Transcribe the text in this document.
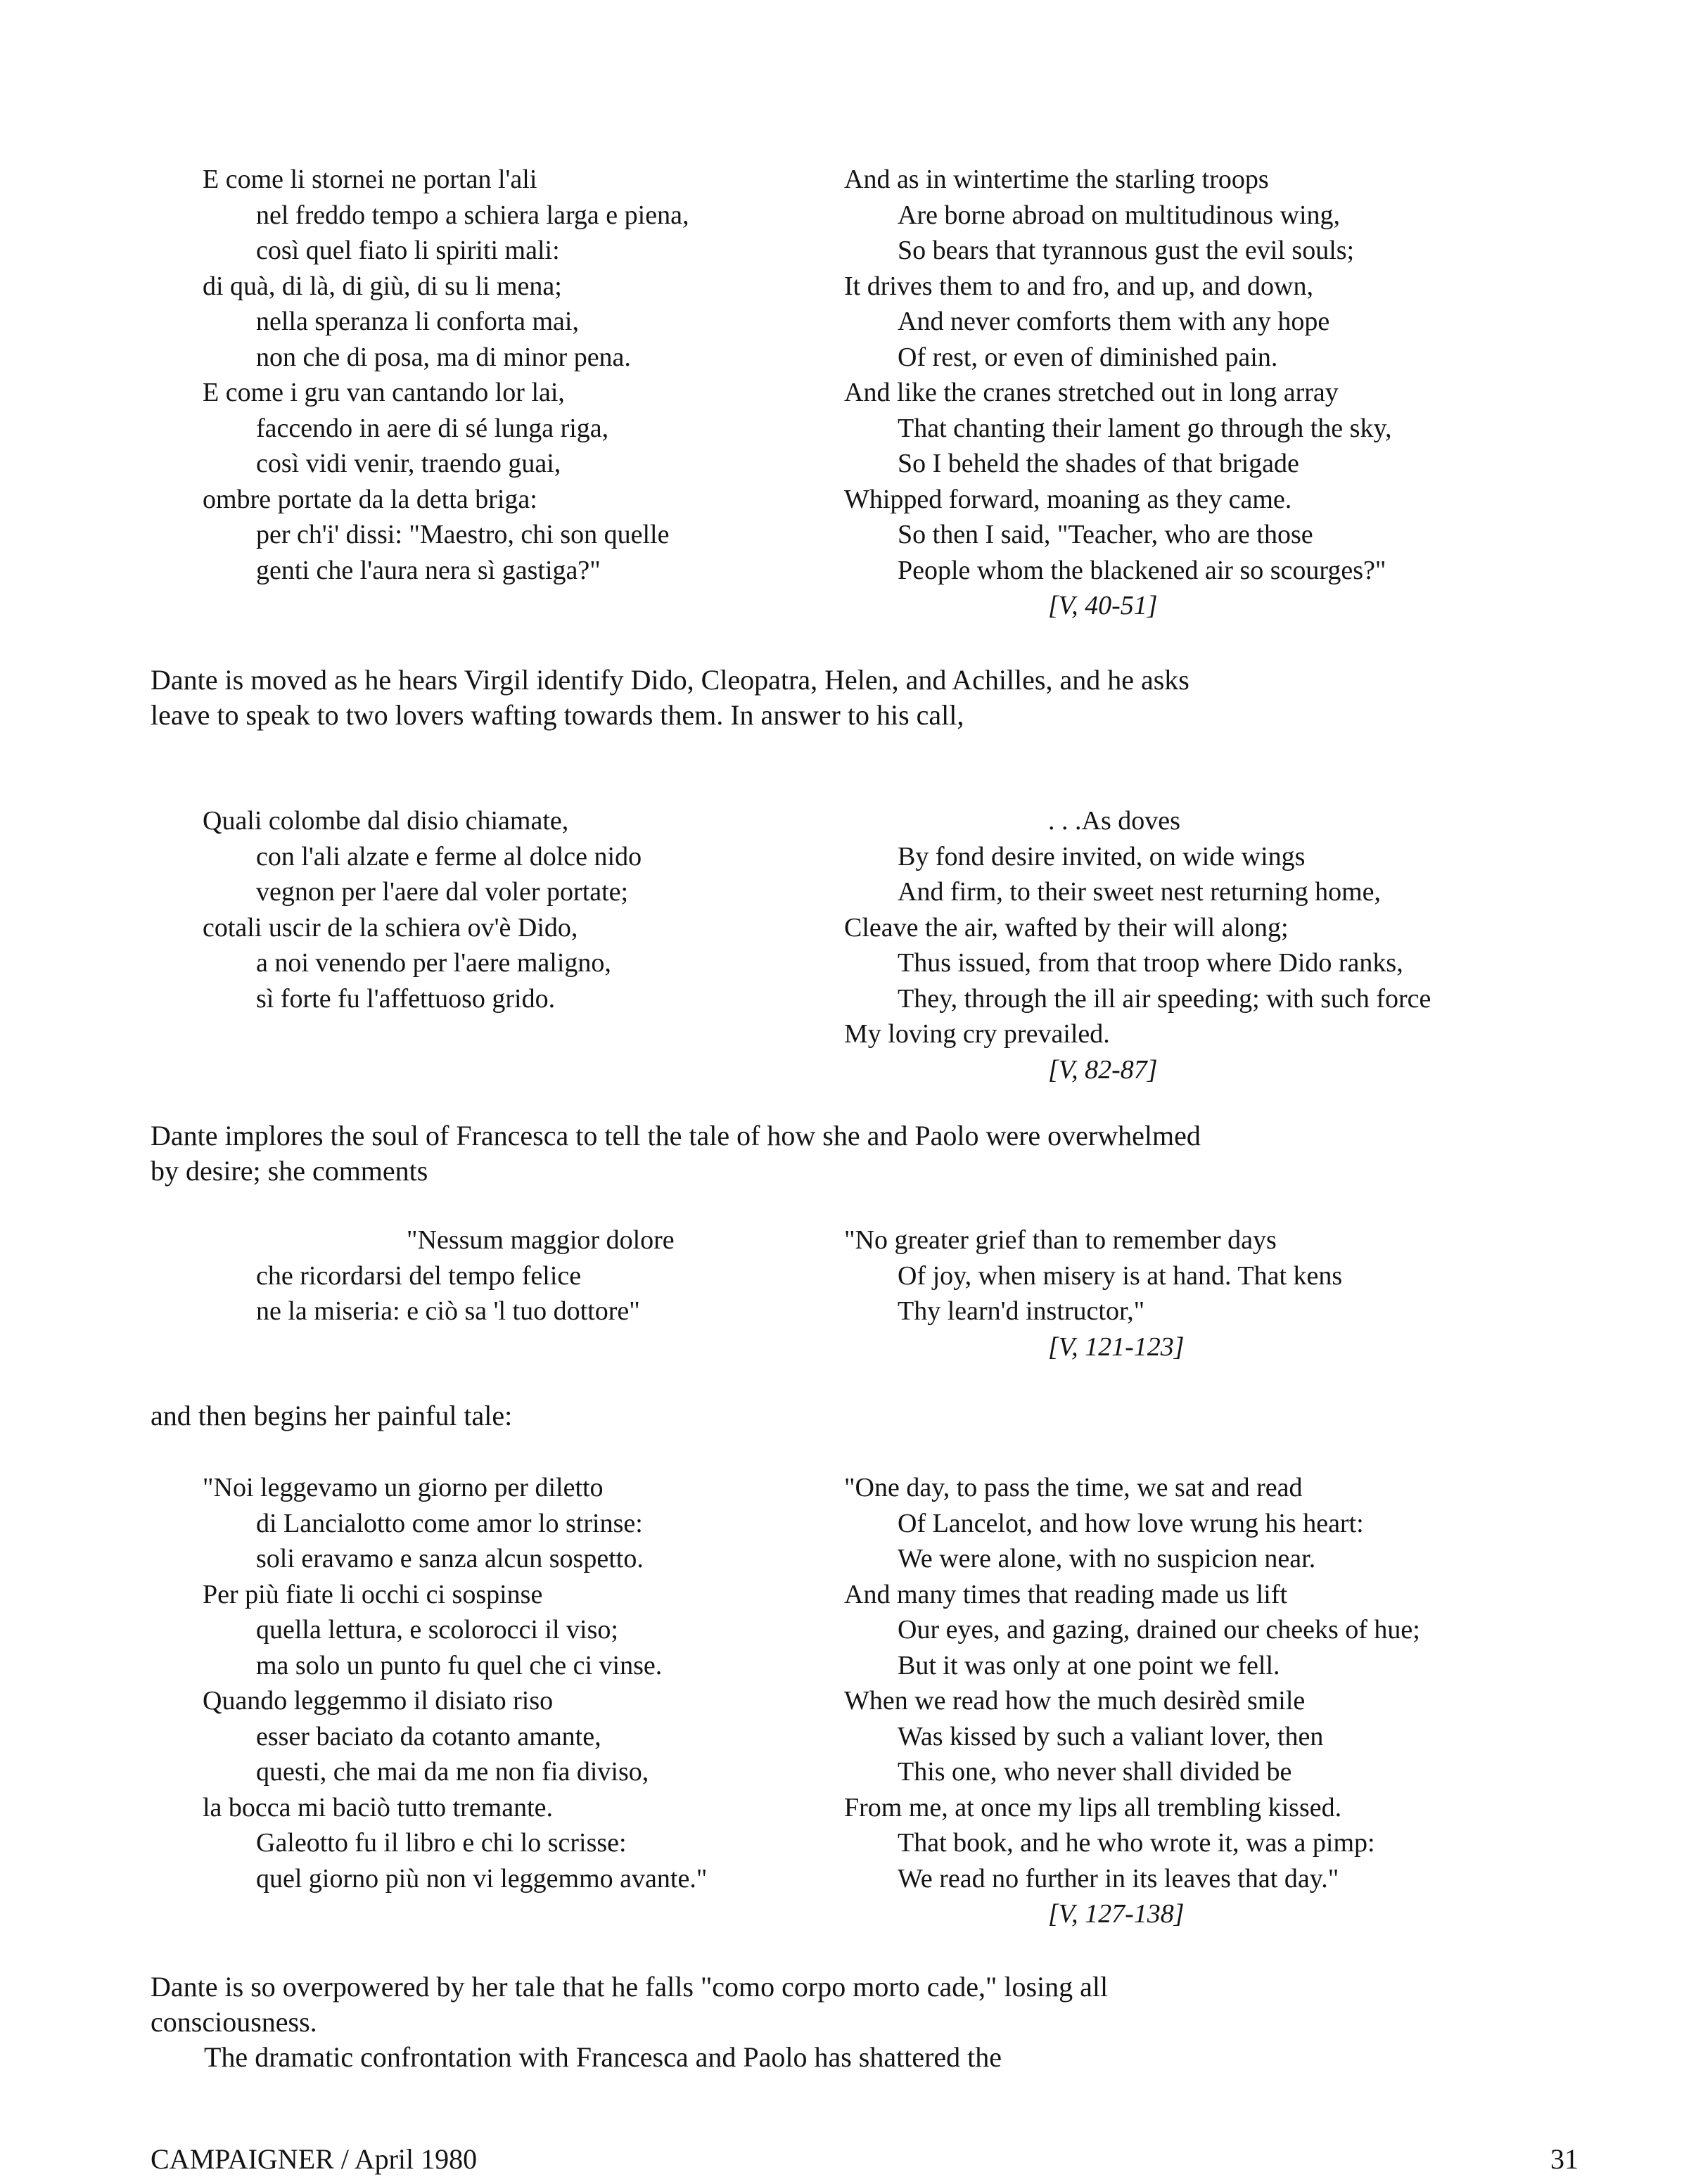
E come li stornei ne portan l'ali
nel freddo tempo a schiera larga e piena,
così quel fiato li spiriti mali:
di quà, di là, di giù, di su li mena;
nella speranza li conforta mai,
non che di posa, ma di minor pena.
E come i gru van cantando lor lai,
faccendo in aere di sé lunga riga,
così vidi venir, traendo guai,
ombre portate da la detta briga:
per ch'i' dissi: "Maestro, chi son quelle
genti che l'aura nera sì gastiga?"
And as in wintertime the starling troops
Are borne abroad on multitudinous wing,
So bears that tyrannous gust the evil souls;
It drives them to and fro, and up, and down,
And never comforts them with any hope
Of rest, or even of diminished pain.
And like the cranes stretched out in long array
That chanting their lament go through the sky,
So I beheld the shades of that brigade
Whipped forward, moaning as they came.
So then I said, "Teacher, who are those
People whom the blackened air so scourges?"
[V, 40-51]

Dante is moved as he hears Virgil identify Dido, Cleopatra, Helen, and Achilles, and he asks leave to speak to two lovers wafting towards them. In answer to his call,

Quali colombe dal disio chiamate,
con l'ali alzate e ferme al dolce nido
vegnon per l'aere dal voler portate;
cotali uscir de la schiera ov'è Dido,
a noi venendo per l'aere maligno,
sì forte fu l'affettuoso grido.
. . .As doves
By fond desire invited, on wide wings
And firm, to their sweet nest returning home,
Cleave the air, wafted by their will along;
Thus issued, from that troop where Dido ranks,
They, through the ill air speeding; with such force
My loving cry prevailed.
[V, 82-87]

Dante implores the soul of Francesca to tell the tale of how she and Paolo were overwhelmed by desire; she comments

"Nessum maggior dolore
che ricordarsi del tempo felice
ne la miseria: e ciò sa 'l tuo dottore"
"No greater grief than to remember days
Of joy, when misery is at hand. That kens
Thy learn'd instructor,"
[V, 121-123]

and then begins her painful tale:

"Noi leggevamo un giorno per diletto
di Lancialotto come amor lo strinse:
soli eravamo e sanza alcun sospetto.
Per più fiate li occhi ci sospinse
quella lettura, e scolorocci il viso;
ma solo un punto fu quel che ci vinse.
Quando leggemmo il disiato riso
esser baciato da cotanto amante,
questi, che mai da me non fia diviso,
la bocca mi baciò tutto tremante.
Galeotto fu il libro e chi lo scrisse:
quel giorno più non vi leggemmo avante."
"One day, to pass the time, we sat and read
Of Lancelot, and how love wrung his heart:
We were alone, with no suspicion near.
And many times that reading made us lift
Our eyes, and gazing, drained our cheeks of hue;
But it was only at one point we fell.
When we read how the much desirèd smile
Was kissed by such a valiant lover, then
This one, who never shall divided be
From me, at once my lips all trembling kissed.
That book, and he who wrote it, was a pimp:
We read no further in its leaves that day."
[V, 127-138]

Dante is so overpowered by her tale that he falls "como corpo morto cade," losing all consciousness.

The dramatic confrontation with Francesca and Paolo has shattered the

CAMPAIGNER / April 1980	31
